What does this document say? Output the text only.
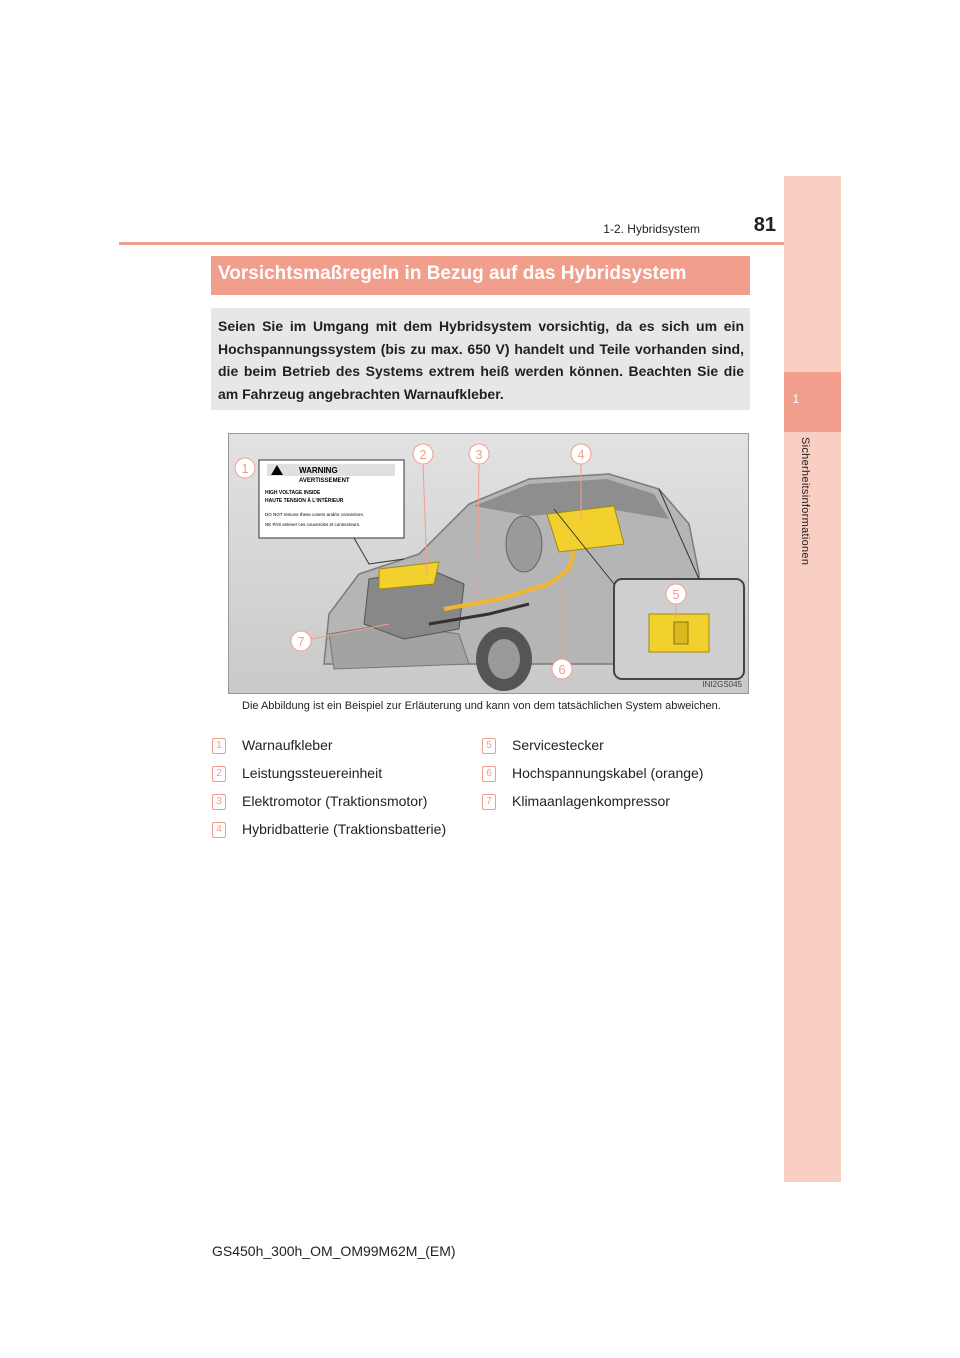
1
Sicherheitsinformationen
1-2. Hybridsystem	81
Vorsichtsmaßregeln in Bezug auf das Hybridsystem
Seien Sie im Umgang mit dem Hybridsystem vorsichtig, da es sich um ein Hochspannungssystem (bis zu max. 650 V) handelt und Teile vorhanden sind, die beim Betrieb des Systems extrem heiß werden können. Beachten Sie die am Fahrzeug angebrachten Warnaufkleber.
WARNING
AVERTISSEMENT
HIGH VOLTAGE INSIDE
HAUTE TENSION À L'INTÉRIEUR
DO NOT remove these covers and/or connectors.
NE PAS enlever ces couvercles et connecteurs.
1
2	3	4
5
6
7
INI2GS045
Die Abbildung ist ein Beispiel zur Erläuterung und kann von dem tatsächlichen System abweichen.
1	Warnaufkleber
2	Leistungssteuereinheit
3	Elektromotor (Traktionsmotor)
4	Hybridbatterie (Traktionsbatterie)
5	Servicestecker
6	Hochspannungskabel (orange)
7	Klimaanlagenkompressor
GS450h_300h_OM_OM99M62M_(EM)
